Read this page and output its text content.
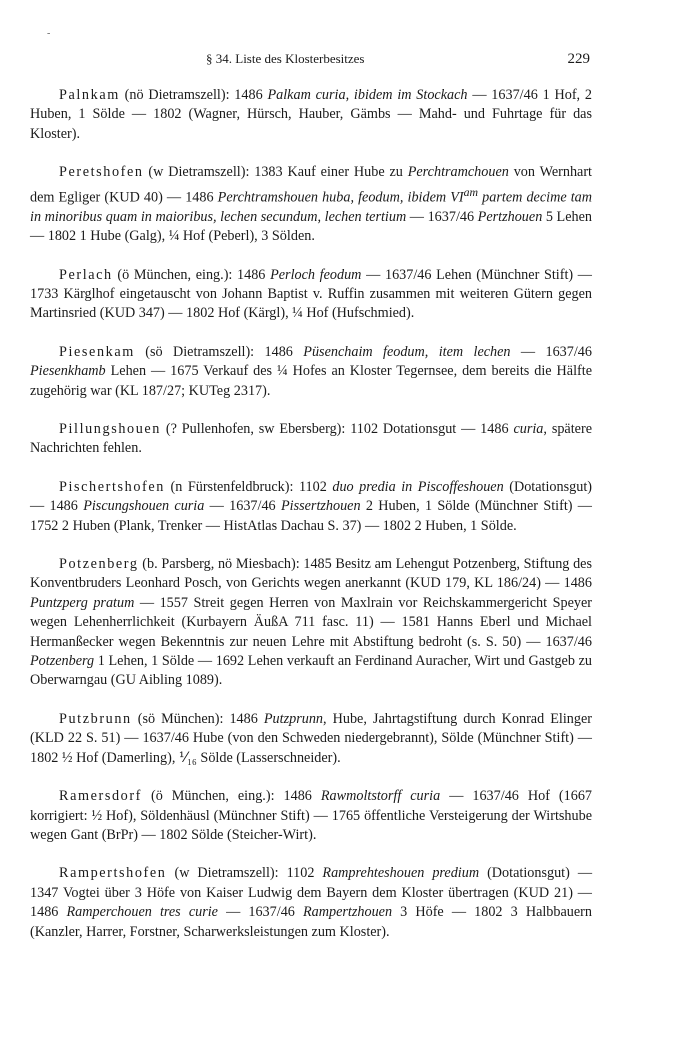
-
§ 34. Liste des Klosterbesitzes	229

Palnkam (nö Dietramszell): 1486 Palkam curia, ibidem im Stockach — 1637/46 1 Hof, 2 Huben, 1 Sölde — 1802 (Wagner, Hürsch, Hauber, Gämbs — Mahd- und Fuhrtage für das Kloster).

Peretshofen (w Dietramszell): 1383 Kauf einer Hube zu Perchtramchouen von Wernhart dem Egliger (KUD 40) — 1486 Perchtramshouen huba, feodum, ibidem $VI^{am}$ partem decime tam in minoribus quam in maioribus, lechen secundum, lechen tertium — 1637/46 Pertzhouen 5 Lehen — 1802 1 Hube (Galg), ¼ Hof (Peberl), 3 Sölden.

Perlach (ö München, eing.): 1486 Perloch feodum — 1637/46 Lehen (Münchner Stift) — 1733 Kärglhof eingetauscht von Johann Baptist v. Ruffin zusammen mit weiteren Gütern gegen Martinsried (KUD 347) — 1802 Hof (Kärgl), ¼ Hof (Hufschmied).

Piesenkam (sö Dietramszell): 1486 Püsenchaim feodum, item lechen — 1637/46 Piesenkhamb Lehen — 1675 Verkauf des ¼ Hofes an Kloster Tegernsee, dem bereits die Hälfte zugehörig war (KL 187/27; KUTeg 2317).

Pillungshouen (? Pullenhofen, sw Ebersberg): 1102 Dotationsgut — 1486 curia, spätere Nachrichten fehlen.

Pischertshofen (n Fürstenfeldbruck): 1102 duo predia in Piscoffeshouen (Dotationsgut) — 1486 Piscungshouen curia — 1637/46 Pissertzhouen 2 Huben, 1 Sölde (Münchner Stift) — 1752 2 Huben (Plank, Trenker — HistAtlas Dachau S. 37) — 1802 2 Huben, 1 Sölde.

Potzenberg (b. Parsberg, nö Miesbach): 1485 Besitz am Lehengut Potzenberg, Stiftung des Konventbruders Leonhard Posch, von Gerichts wegen anerkannt (KUD 179, KL 186/24) — 1486 Puntzperg pratum — 1557 Streit gegen Herren von Maxlrain vor Reichskammergericht Speyer wegen Lehenherrlichkeit (Kurbayern ÄußA 711 fasc. 11) — 1581 Hanns Eberl und Michael Hermanßecker wegen Bekenntnis zur neuen Lehre mit Abstiftung bedroht (s. S. 50) — 1637/46 Potzenberg 1 Lehen, 1 Sölde — 1692 Lehen verkauft an Ferdinand Auracher, Wirt und Gastgeb zu Oberwarngau (GU Aibling 1089).

Putzbrunn (sö München): 1486 Putzprunn, Hube, Jahrtagstiftung durch Konrad Elinger (KLD 22 S. 51) — 1637/46 Hube (von den Schweden niedergebrannt), Sölde (Münchner Stift) — 1802 ½ Hof (Damerling), ⅟₁₆ Sölde (Lasserschneider).

Ramersdorf (ö München, eing.): 1486 Rawmoltstorff curia — 1637/46 Hof (1667 korrigiert: ½ Hof), Söldenhäusl (Münchner Stift) — 1765 öffentliche Versteigerung der Wirtshube wegen Gant (BrPr) — 1802 Sölde (Steicher-Wirt).

Rampertshofen (w Dietramszell): 1102 Ramprehteshouen predium (Dotationsgut) — 1347 Vogtei über 3 Höfe von Kaiser Ludwig dem Bayern dem Kloster übertragen (KUD 21) — 1486 Ramperchouen tres curie — 1637/46 Rampertzhouen 3 Höfe — 1802 3 Halbbauern (Kanzler, Harrer, Forstner, Scharwerksleistungen zum Kloster).
